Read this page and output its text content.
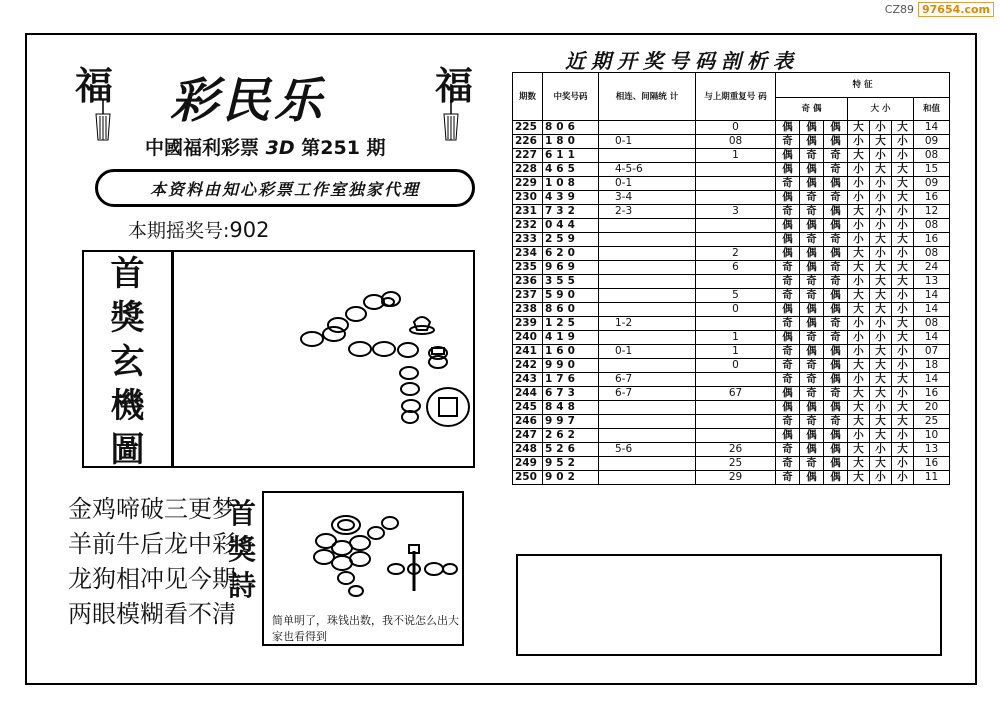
CZ89 97654.com
福	福
彩民乐
中國福利彩票 3D 第251 期
本资料由知心彩票工作室独家代理
本期摇奖号:902
首
獎
玄
機
圖
金鸡啼破三更梦
羊前牛后龙中彩
龙狗相冲见今期
两眼模糊看不清
首
獎
詩
简单明了，珠钱出数，我不说怎么出大家也看得到
近期开奖号码剖析表
期数	中奖号码	相连、间隔统 计	与上期重复号 码	特 征						
				奇 偶			大 小			和值
225	806		0	偶	偶	偶	大	小	大	14
226	180	0-1	08	奇	偶	偶	小	大	小	09
227	611		1	偶	奇	奇	大	小	小	08
228	465	4-5-6		偶	偶	奇	小	大	大	15
229	108	0-1		奇	偶	偶	小	小	大	09
230	439	3-4		偶	奇	奇	小	小	大	16
231	732	2-3	3	奇	奇	偶	大	小	小	12
232	044			偶	偶	偶	小	小	小	08
233	259			偶	奇	奇	小	大	大	16
234	620		2	偶	偶	偶	大	小	小	08
235	969		6	奇	偶	奇	大	大	大	24
236	355			奇	奇	奇	小	大	大	13
237	590		5	奇	奇	偶	大	大	小	14
238	860		0	偶	偶	偶	大	大	小	14
239	125	1-2		奇	偶	奇	小	小	大	08
240	419		1	偶	奇	奇	小	小	大	14
241	160	0-1	1	奇	偶	偶	小	大	小	07
242	990		0	奇	奇	偶	大	大	小	18
243	176	6-7		奇	奇	偶	小	大	大	14
244	673	6-7	67	偶	奇	奇	大	大	小	16
245	848			偶	偶	偶	大	小	大	20
246	997			奇	奇	奇	大	大	大	25
247	262			偶	偶	偶	小	大	小	10
248	526	5-6	26	奇	偶	偶	大	小	大	13
249	952		25	奇	奇	偶	大	大	小	16
250	902		29	奇	偶	偶	大	小	小	11
